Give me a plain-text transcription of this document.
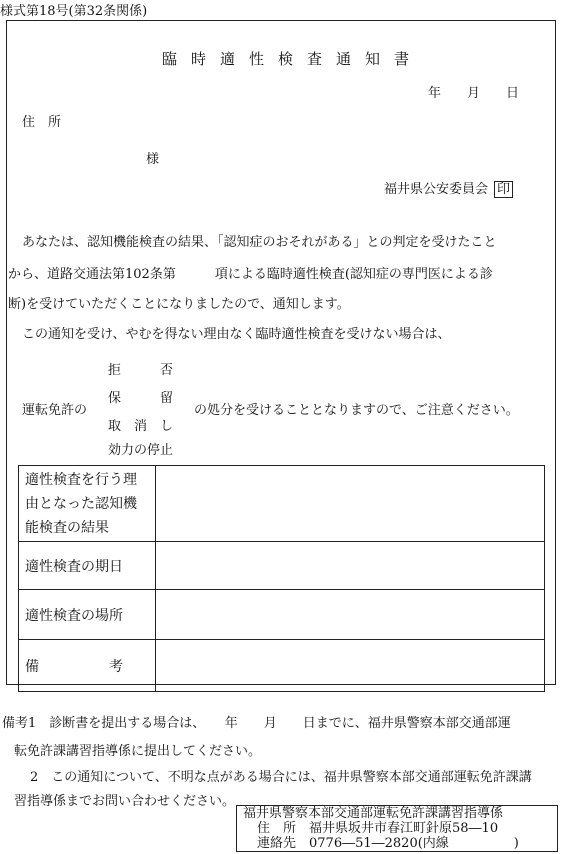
様式第18号(第32条関係)
臨時適性検査通知書
年　　月　　日
住　所
様
福井県公安委員会 印
あなたは、認知機能検査の結果、「認知症のおそれがある」との判定を受けたこと
から、道路交通法第102条第　　　項による臨時適性検査(認知症の専門医による診
断)を受けていただくことになりましたので、通知します。
この通知を受け、やむを得ない理由なく臨時適性検査を受けない場合は、
運転免許の
拒　　　否
保　　　留
取　消　し
効力の停止
の処分を受けることとなりますので、ご注意ください。
適性検査を行う理由となった認知機能検査の結果	
適性検査の期日	
適性検査の場所	
備　　　　　考	
備考1　診断書を提出する場合は、　　年　　月　　日までに、福井県警察本部交通部運
転免許課講習指導係に提出してください。
2　この通知について、不明な点がある場合には、福井県警察本部交通部運転免許課講
習指導係までお問い合わせください。
福井県警察本部交通部運転免許課講習指導係
住　所　福井県坂井市春江町針原58―10
連絡先　0776―51―2820(内線　　　　　)
